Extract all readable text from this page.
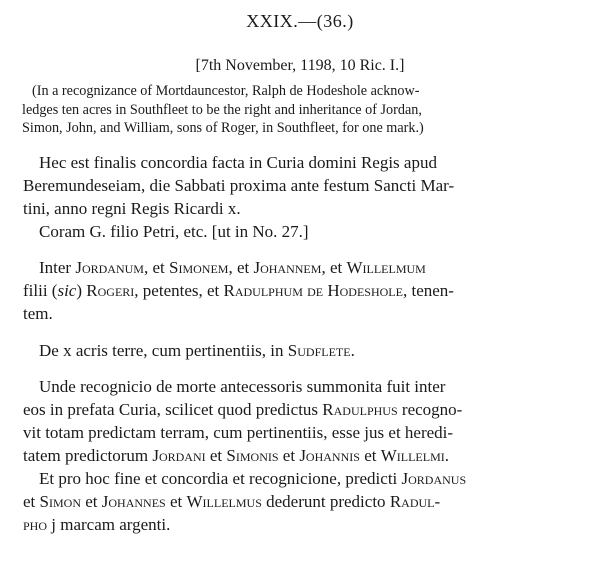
XXIX.—(36.)
[7th November, 1198, 10 Ric. I.]
(In a recognizance of Mortdauncestor, Ralph de Hodeshole acknow-
ledges ten acres in Southfleet to be the right and inheritance of Jordan,
Simon, John, and William, sons of Roger, in Southfleet, for one mark.)
Hec est finalis concordia facta in Curia domini Regis apud
Beremundeseiam, die Sabbati proxima ante festum Sancti Mar-
tini, anno regni Regis Ricardi x.
Coram G. filio Petri, etc. [ut in No. 27.]
Inter Jordanum, et Simonem, et Johannem, et Willelmum
filii (sic) Rogeri, petentes, et Radulphum de Hodeshole, tenen-
tem.
De x acris terre, cum pertinentiis, in Sudflete.
Unde recognicio de morte antecessoris summonita fuit inter
eos in prefata Curia, scilicet quod predictus Radulphus recogno-
vit totam predictam terram, cum pertinentiis, esse jus et heredi-
tatem predictorum Jordani et Simonis et Johannis et Willelmi.
Et pro hoc fine et concordia et recognicione, predicti Jordanus
et Simon et Johannes et Willelmus dederunt predicto Radul-
pho j marcam argenti.
